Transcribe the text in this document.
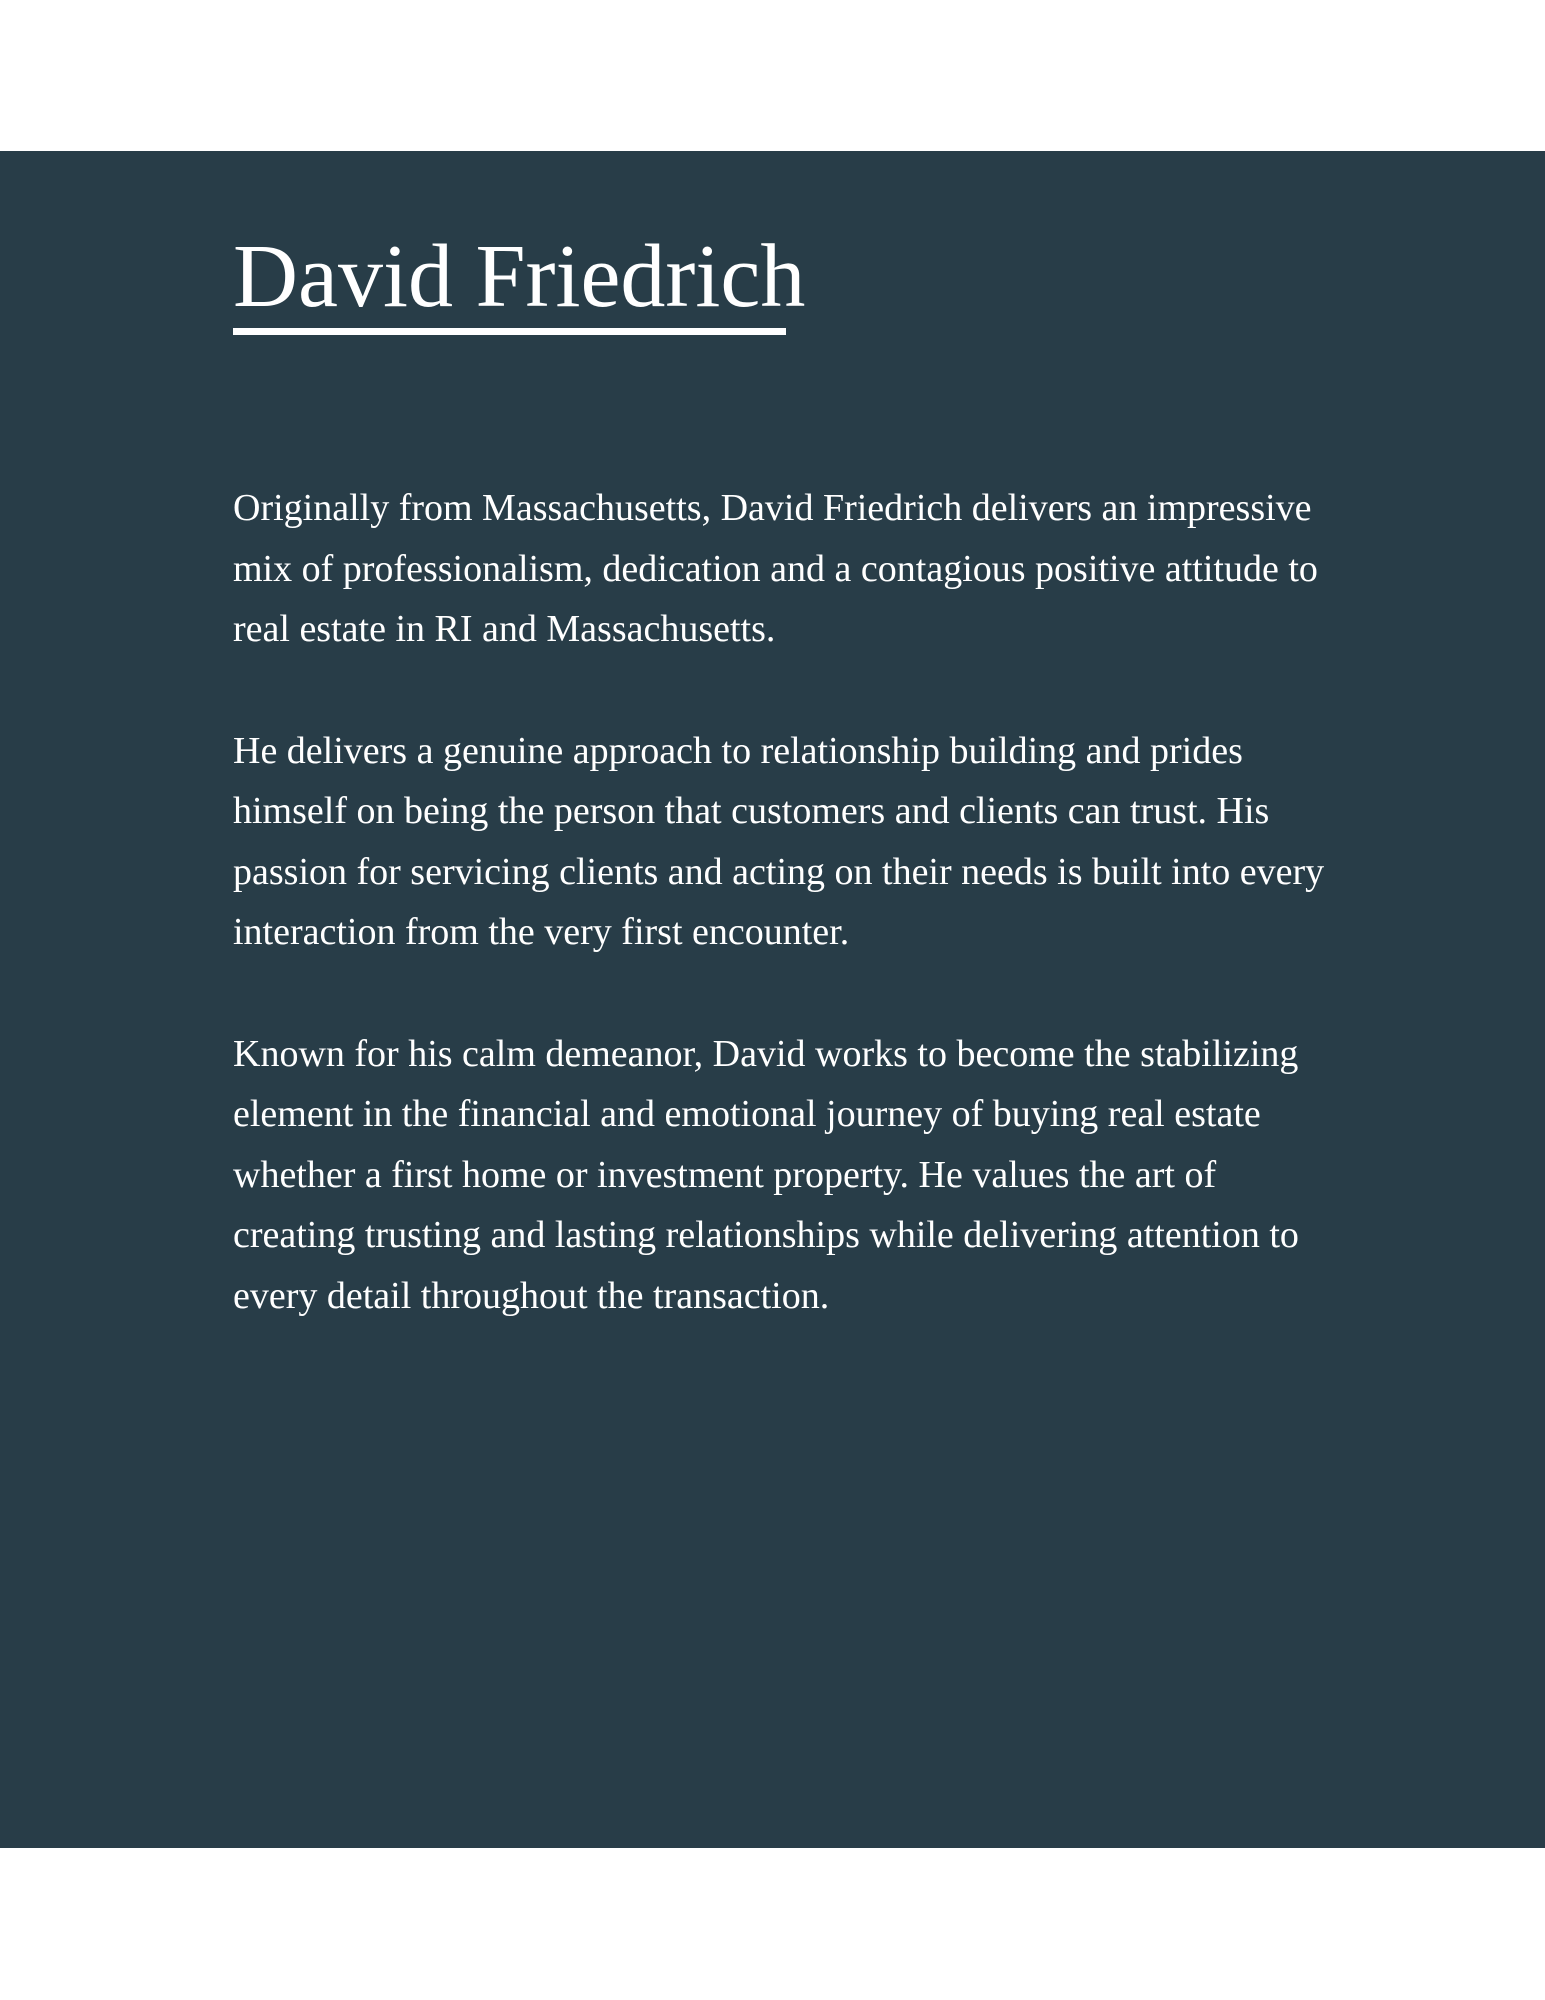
David Friedrich

Originally from Massachusetts, David Friedrich delivers an impressive mix of professionalism, dedication and a contagious positive attitude to real estate in RI and Massachusetts.

He delivers a genuine approach to relationship building and prides himself on being the person that customers and clients can trust. His passion for servicing clients and acting on their needs is built into every interaction from the very first encounter.

Known for his calm demeanor, David works to become the stabilizing element in the financial and emotional journey of buying real estate whether a first home or investment property. He values the art of creating trusting and lasting relationships while delivering attention to every detail throughout the transaction.
